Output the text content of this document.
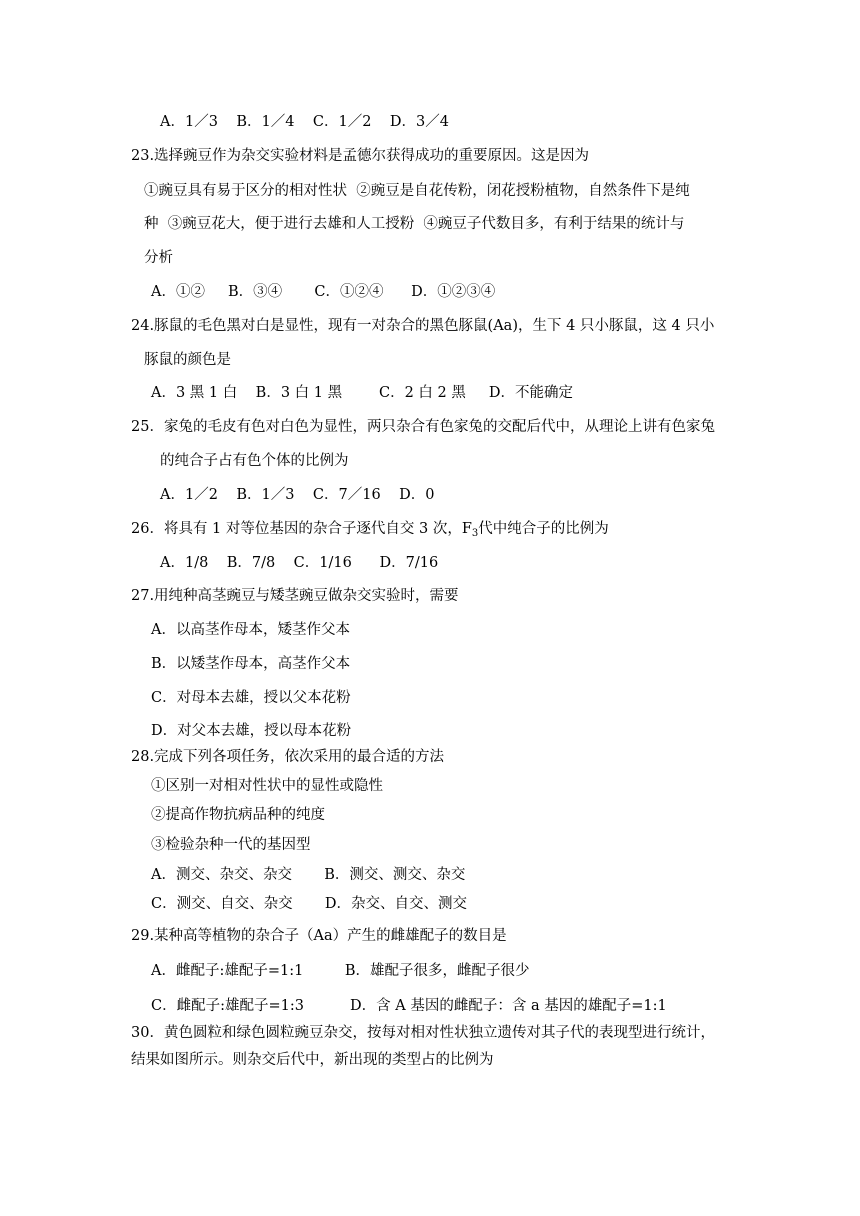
A．1／3    B．1／4    C．1／2    D．3／4
23.选择豌豆作为杂交实验材料是孟德尔获得成功的重要原因。这是因为
①豌豆具有易于区分的相对性状  ②豌豆是自花传粉，闭花授粉植物，自然条件下是纯
种  ③豌豆花大，便于进行去雄和人工授粉  ④豌豆子代数目多，有利于结果的统计与
分析
A．①②     B．③④       C．①②④      D．①②③④
24.豚鼠的毛色黑对白是显性，现有一对杂合的黑色豚鼠(Aa)，生下 4 只小豚鼠，这 4 只小
豚鼠的颜色是
A．3 黑 1 白    B．3 白 1 黑        C．2 白 2 黑     D．不能确定
25．家兔的毛皮有色对白色为显性，两只杂合有色家兔的交配后代中，从理论上讲有色家兔
的纯合子占有色个体的比例为
A．1／2    B．1／3    C．7／16    D．0
26．将具有 1 对等位基因的杂合子逐代自交 3 次，$F_3$代中纯合子的比例为
A．1/8    B．7/8    C．1/16      D．7/16
27.用纯种高茎豌豆与矮茎豌豆做杂交实验时，需要
A．以高茎作母本，矮茎作父本
B．以矮茎作母本，高茎作父本
C．对母本去雄，授以父本花粉
D．对父本去雄，授以母本花粉
28.完成下列各项任务，依次采用的最合适的方法
①区别一对相对性状中的显性或隐性
②提高作物抗病品种的纯度
③检验杂种一代的基因型
A．测交、杂交、杂交       B．测交、测交、杂交
C．测交、自交、杂交       D．杂交、自交、测交
29.某种高等植物的杂合子（Aa）产生的雌雄配子的数目是
A．雌配子:雄配子=1:1         B．雄配子很多，雌配子很少
C．雌配子:雄配子=1:3          D．含 A 基因的雌配子：含 a 基因的雄配子=1:1
30．黄色圆粒和绿色圆粒豌豆杂交，按每对相对性状独立遗传对其子代的表现型进行统计，
结果如图所示。则杂交后代中，新出现的类型占的比例为
